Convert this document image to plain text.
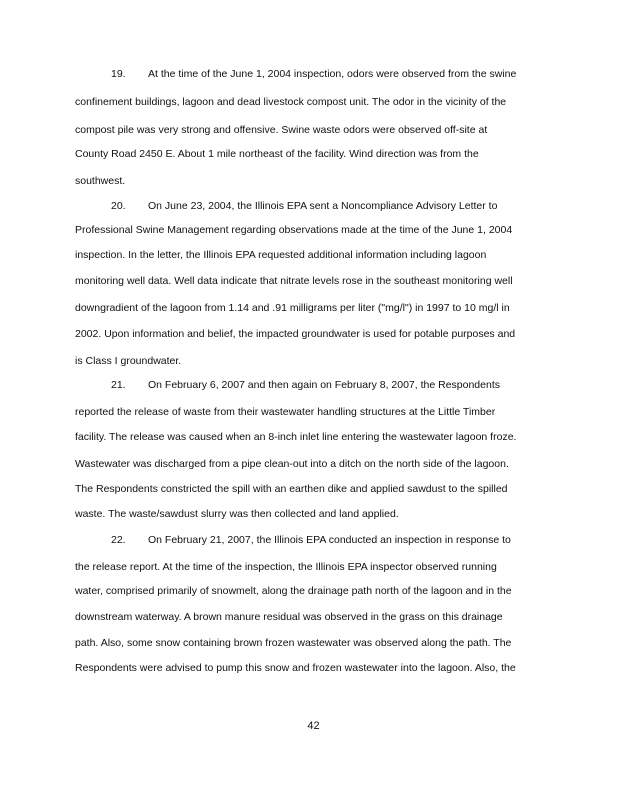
19. At the time of the June 1, 2004 inspection, odors were observed from the swine
confinement buildings, lagoon and dead livestock compost unit. The odor in the vicinity of the
compost pile was very strong and offensive. Swine waste odors were observed off-site at
County Road 2450 E. About 1 mile northeast of the facility. Wind direction was from the
southwest.
20. On June 23, 2004, the Illinois EPA sent a Noncompliance Advisory Letter to
Professional Swine Management regarding observations made at the time of the June 1, 2004
inspection. In the letter, the Illinois EPA requested additional information including lagoon
monitoring well data. Well data indicate that nitrate levels rose in the southeast monitoring well
downgradient of the lagoon from 1.14 and .91 milligrams per liter ("mg/l") in 1997 to 10 mg/l in
2002. Upon information and belief, the impacted groundwater is used for potable purposes and
is Class I groundwater.
21. On February 6, 2007 and then again on February 8, 2007, the Respondents
reported the release of waste from their wastewater handling structures at the Little Timber
facility. The release was caused when an 8-inch inlet line entering the wastewater lagoon froze.
Wastewater was discharged from a pipe clean-out into a ditch on the north side of the lagoon.
The Respondents constricted the spill with an earthen dike and applied sawdust to the spilled
waste. The waste/sawdust slurry was then collected and land applied.
22. On February 21, 2007, the Illinois EPA conducted an inspection in response to
the release report. At the time of the inspection, the Illinois EPA inspector observed running
water, comprised primarily of snowmelt, along the drainage path north of the lagoon and in the
downstream waterway. A brown manure residual was observed in the grass on this drainage
path. Also, some snow containing brown frozen wastewater was observed along the path. The
Respondents were advised to pump this snow and frozen wastewater into the lagoon. Also, the
42
